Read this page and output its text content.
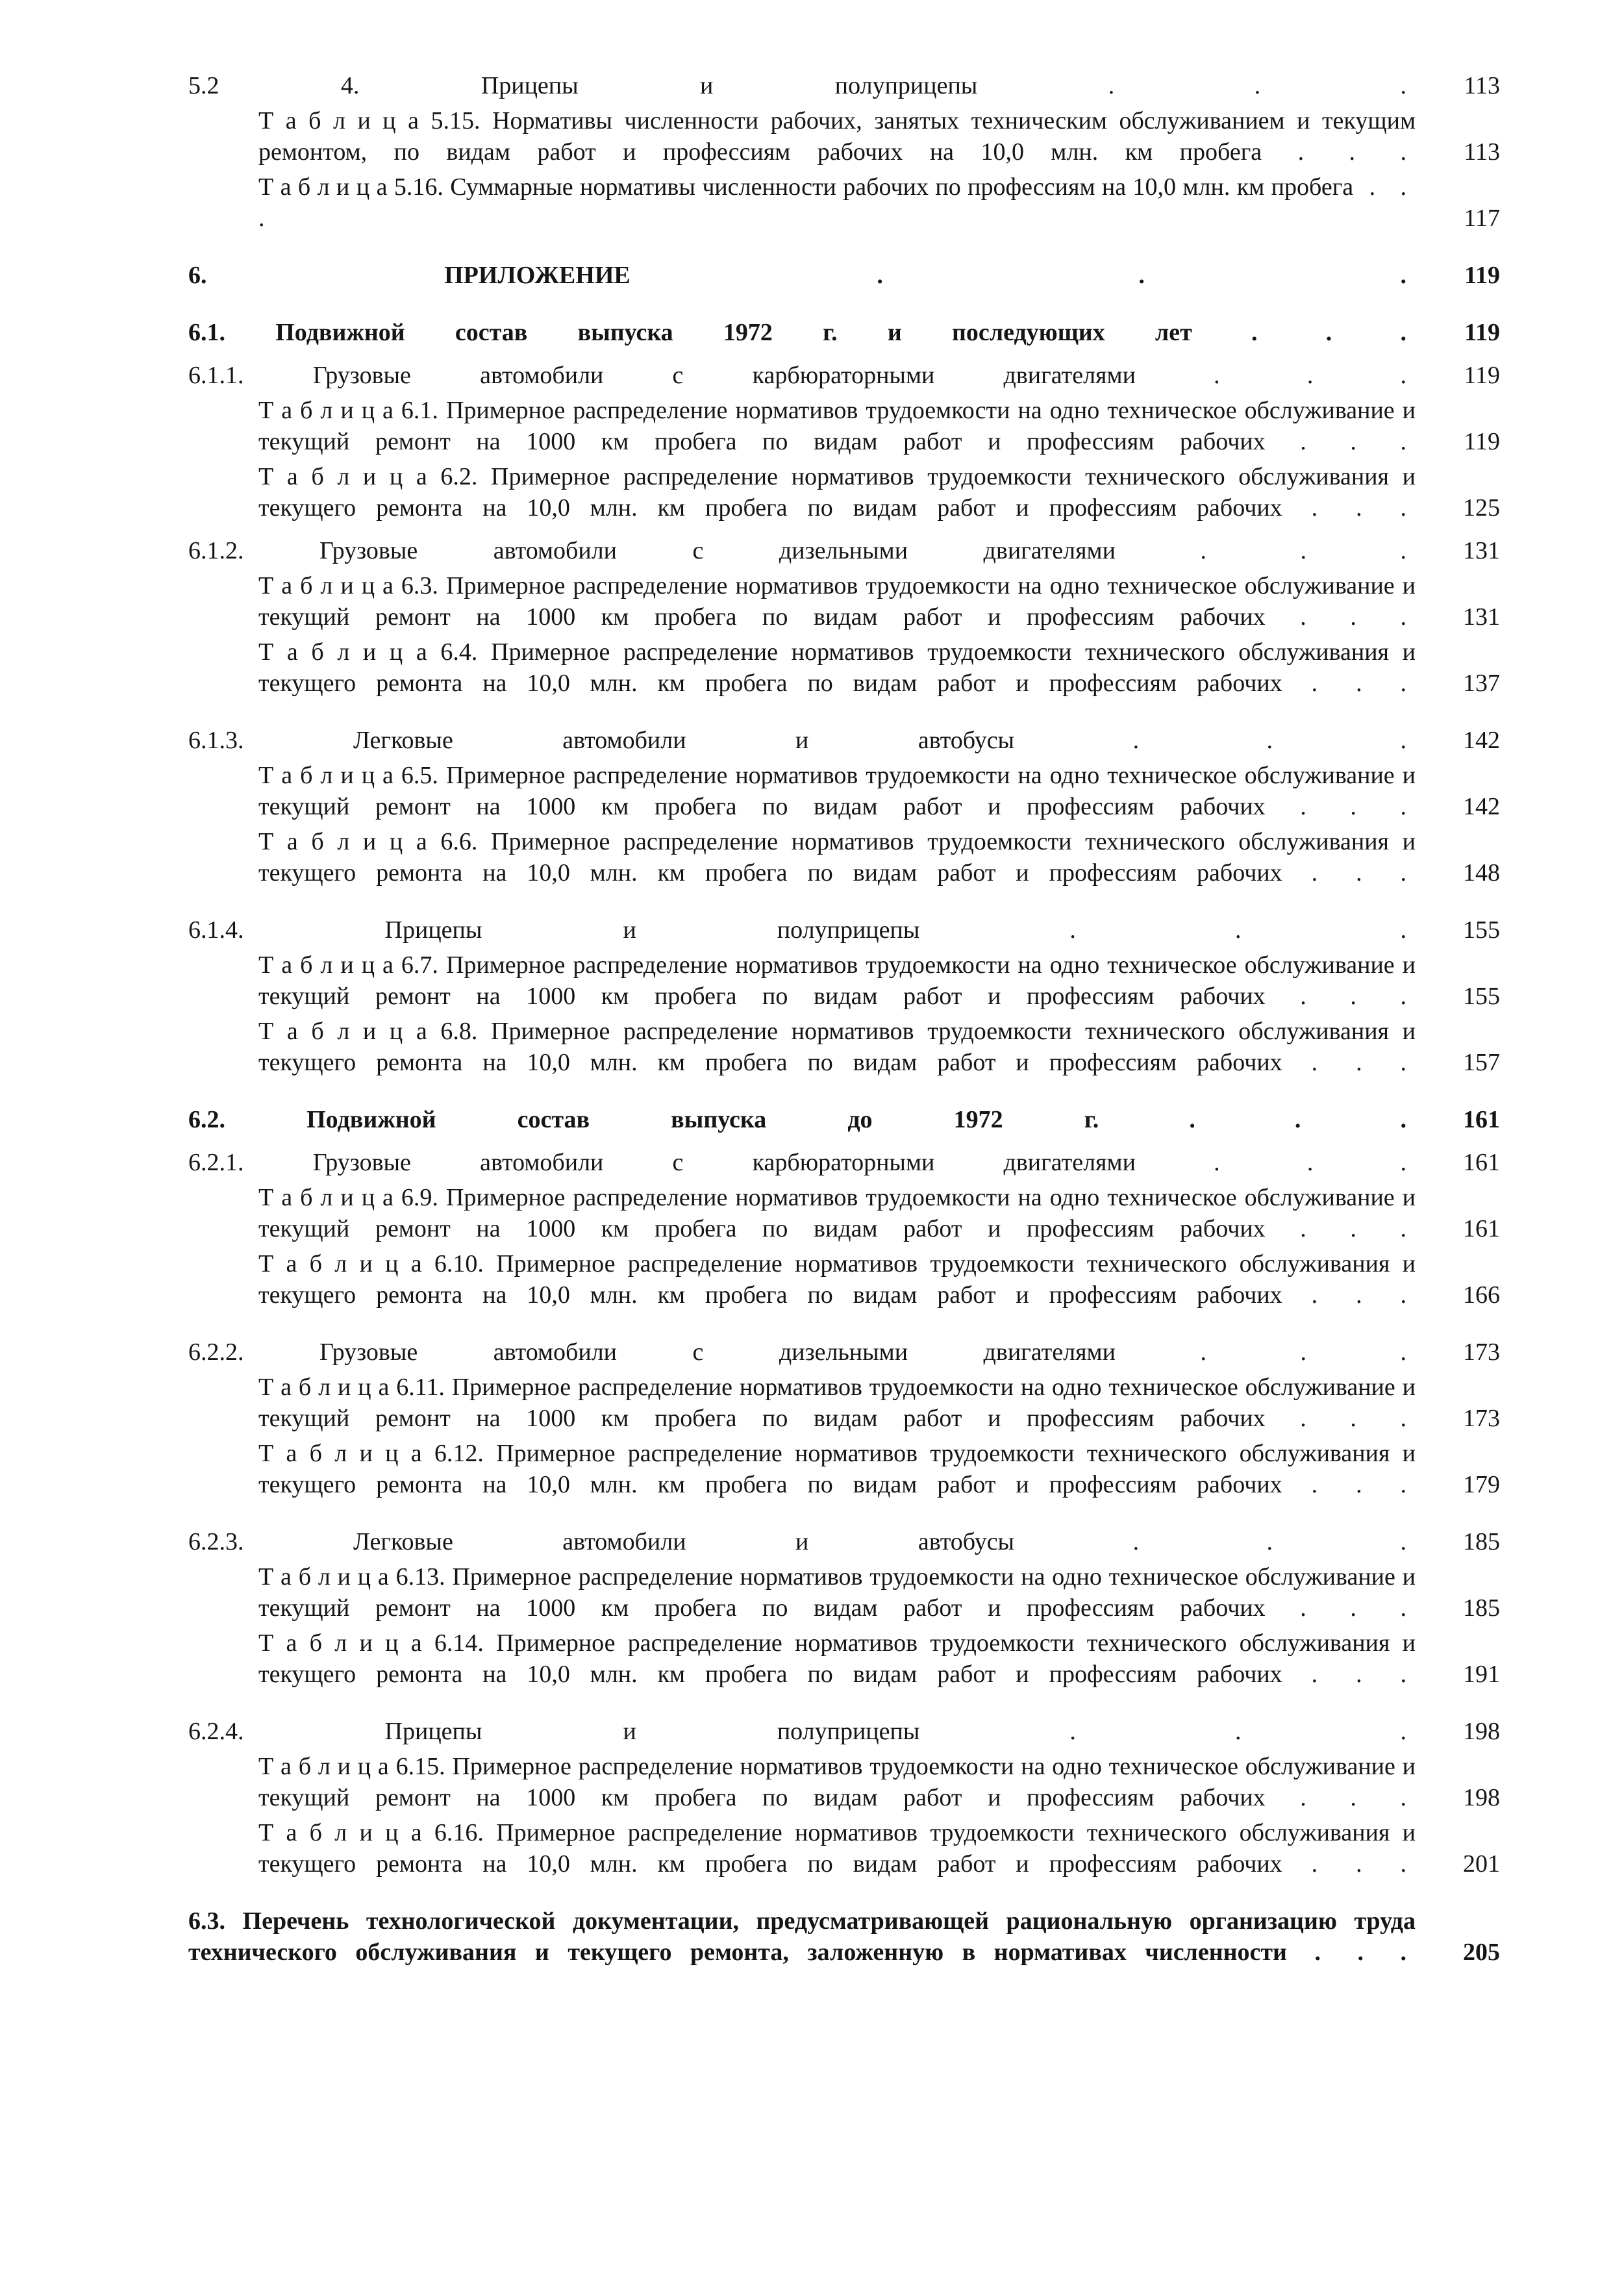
5.2 4.	Прицепы и полуприцепы . . .	113
Т а б л и ц а 5.15. Нормативы численности рабочих, занятых техническим обслуживанием и текущим ремонтом, по видам работ и профессиям рабочих на 10,0 млн. км пробега . . .	113
Т а б л и ц а 5.16. Суммарные нормативы численности рабочих по профессиям на 10,0 млн. км пробега . . .	117
6.	ПРИЛОЖЕНИЕ . . .	119
6.1. Подвижной состав выпуска 1972 г. и последующих лет . . .	119
6.1.1.	Грузовые автомобили с карбюраторными двигателями . . .	119
Т а б л и ц а 6.1. Примерное распределение нормативов трудоемкости на одно техническое обслуживание и текущий ремонт на 1000 км пробега по видам работ и профессиям рабочих . . .	119
Т а б л и ц а 6.2. Примерное распределение нормативов трудоемкости технического обслуживания и текущего ремонта на 10,0 млн. км пробега по видам работ и профессиям рабочих . . .	125
6.1.2.	Грузовые автомобили с дизельными двигателями . . .	131
Т а б л и ц а 6.3. Примерное распределение нормативов трудоемкости на одно техническое обслуживание и текущий ремонт на 1000 км пробега по видам работ и профессиям рабочих . . .	131
Т а б л и ц а 6.4. Примерное распределение нормативов трудоемкости технического обслуживания и текущего ремонта на 10,0 млн. км пробега по видам работ и профессиям рабочих . . .	137
6.1.3.	Легковые автомобили и автобусы . . .	142
Т а б л и ц а 6.5. Примерное распределение нормативов трудоемкости на одно техническое обслуживание и текущий ремонт на 1000 км пробега по видам работ и профессиям рабочих . . .	142
Т а б л и ц а 6.6. Примерное распределение нормативов трудоемкости технического обслуживания и текущего ремонта на 10,0 млн. км пробега по видам работ и профессиям рабочих . . .	148
6.1.4.	Прицепы и полуприцепы . . .	155
Т а б л и ц а 6.7. Примерное распределение нормативов трудоемкости на одно техническое обслуживание и текущий ремонт на 1000 км пробега по видам работ и профессиям рабочих . . .	155
Т а б л и ц а 6.8. Примерное распределение нормативов трудоемкости технического обслуживания и текущего ремонта на 10,0 млн. км пробега по видам работ и профессиям рабочих . . .	157
6.2.	Подвижной состав выпуска до 1972 г. . . .	161
6.2.1.	Грузовые автомобили с карбюраторными двигателями . . .	161
Т а б л и ц а 6.9. Примерное распределение нормативов трудоемкости на одно техническое обслуживание и текущий ремонт на 1000 км пробега по видам работ и профессиям рабочих . . .	161
Т а б л и ц а 6.10. Примерное распределение нормативов трудоемкости технического обслуживания и текущего ремонта на 10,0 млн. км пробега по видам работ и профессиям рабочих . . .	166
6.2.2.	Грузовые автомобили с дизельными двигателями . . .	173
Т а б л и ц а 6.11. Примерное распределение нормативов трудоемкости на одно техническое обслуживание и текущий ремонт на 1000 км пробега по видам работ и профессиям рабочих . . .	173
Т а б л и ц а 6.12. Примерное распределение нормативов трудоемкости технического обслуживания и текущего ремонта на 10,0 млн. км пробега по видам работ и профессиям рабочих . . .	179
6.2.3.	Легковые автомобили и автобусы . . .	185
Т а б л и ц а 6.13. Примерное распределение нормативов трудоемкости на одно техническое обслуживание и текущий ремонт на 1000 км пробега по видам работ и профессиям рабочих . . .	185
Т а б л и ц а 6.14. Примерное распределение нормативов трудоемкости технического обслуживания и текущего ремонта на 10,0 млн. км пробега по видам работ и профессиям рабочих . . .	191
6.2.4.	Прицепы и полуприцепы . . .	198
Т а б л и ц а 6.15. Примерное распределение нормативов трудоемкости на одно техническое обслуживание и текущий ремонт на 1000 км пробега по видам работ и профессиям рабочих . . .	198
Т а б л и ц а 6.16. Примерное распределение нормативов трудоемкости технического обслуживания и текущего ремонта на 10,0 млн. км пробега по видам работ и профессиям рабочих . . .	201
6.3. Перечень технологической документации, предусматривающей рациональную организацию труда технического обслуживания и текущего ремонта, заложенную в нормативах численности . . .	205
